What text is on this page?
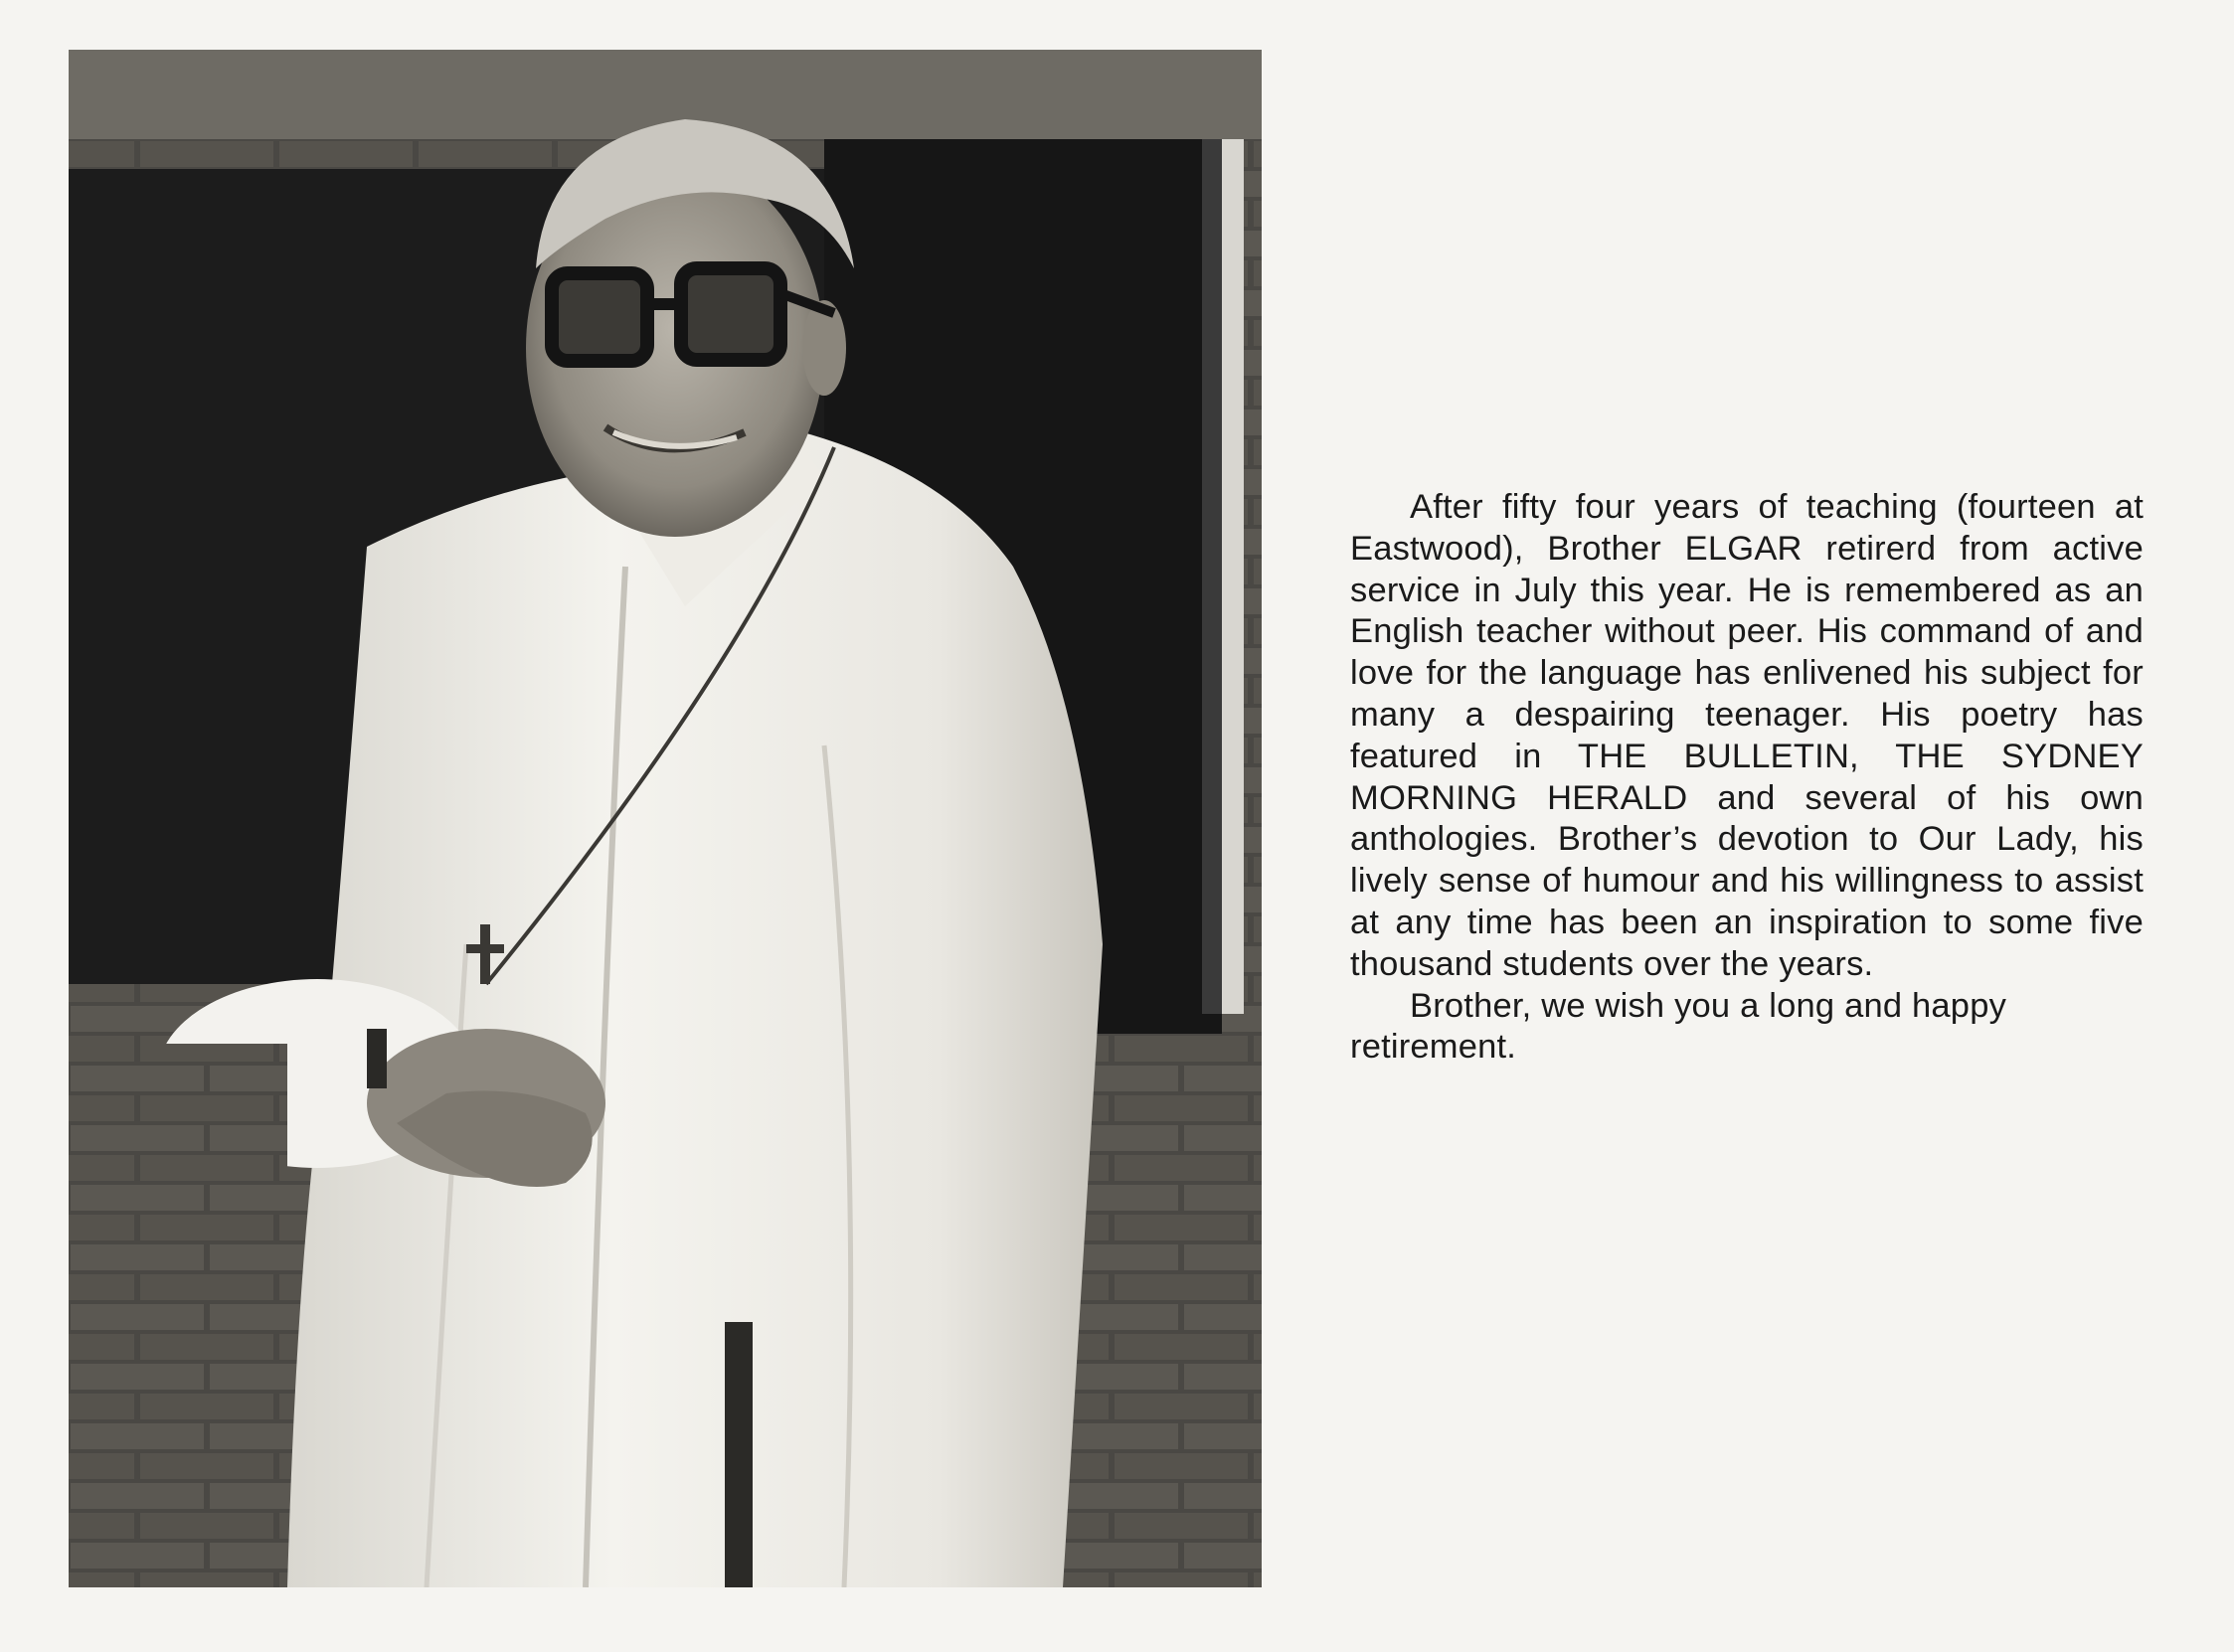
After fifty four years of teaching (fourteen at Eastwood), Brother ELGAR retirerd from active service in July this year. He is remembered as an English teacher without peer. His command of and love for the language has enlivened his subject for many a despairing teenager. His poetry has featured in THE BULLETIN, THE SYDNEY MORNING HERALD and several of his own anthologies. Brother’s devotion to Our Lady, his lively sense of humour and his willingness to assist at any time has been an inspiration to some five thousand students over the years.

Brother, we wish you a long and happy retirement.
